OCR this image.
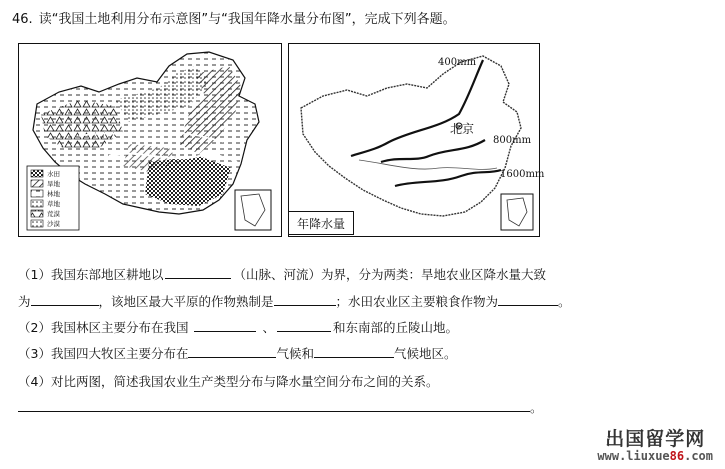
46. 读“我国土地利用分布示意图”与“我国年降水量分布图”，完成下列各题。
水田
旱地
林地
草地
荒漠
沙漠
400mm
800mm
1600mm
北京
年降水量
（1）我国东部地区耕地以	（山脉、河流）为界，分为两类：旱地农业区降水量大致
为	，该地区最大平原的作物熟制是	；水田农业区主要粮食作物为	。
（2）我国林区主要分布在我国	、	和东南部的丘陵山地。
（3）我国四大牧区主要分布在	气候和	气候地区。
（4）对比两图，简述我国农业生产类型分布与降水量空间分布之间的关系。
。
出国留学网
www.liuxue86.com
